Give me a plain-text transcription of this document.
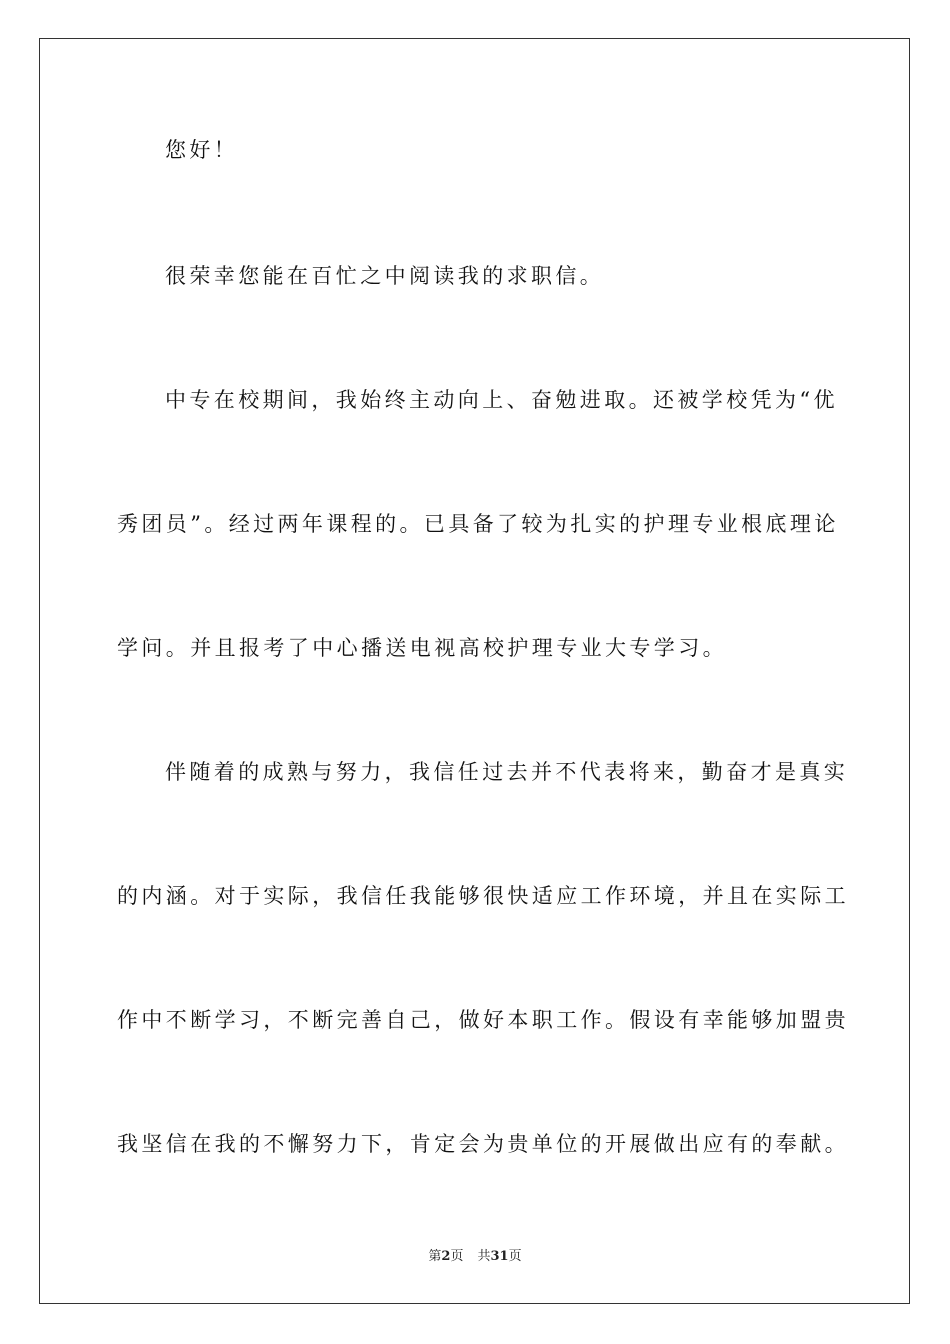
您好！
很荣幸您能在百忙之中阅读我的求职信。
中专在校期间，我始终主动向上、奋勉进取。还被学校凭为“优
秀团员”。经过两年课程的。已具备了较为扎实的护理专业根底理论
学问。并且报考了中心播送电视高校护理专业大专学习。
伴随着的成熟与努力，我信任过去并不代表将来，勤奋才是真实
的内涵。对于实际，我信任我能够很快适应工作环境，并且在实际工
作中不断学习，不断完善自己，做好本职工作。假设有幸能够加盟贵
我坚信在我的不懈努力下，肯定会为贵单位的开展做出应有的奉献。
第2页 共31页
